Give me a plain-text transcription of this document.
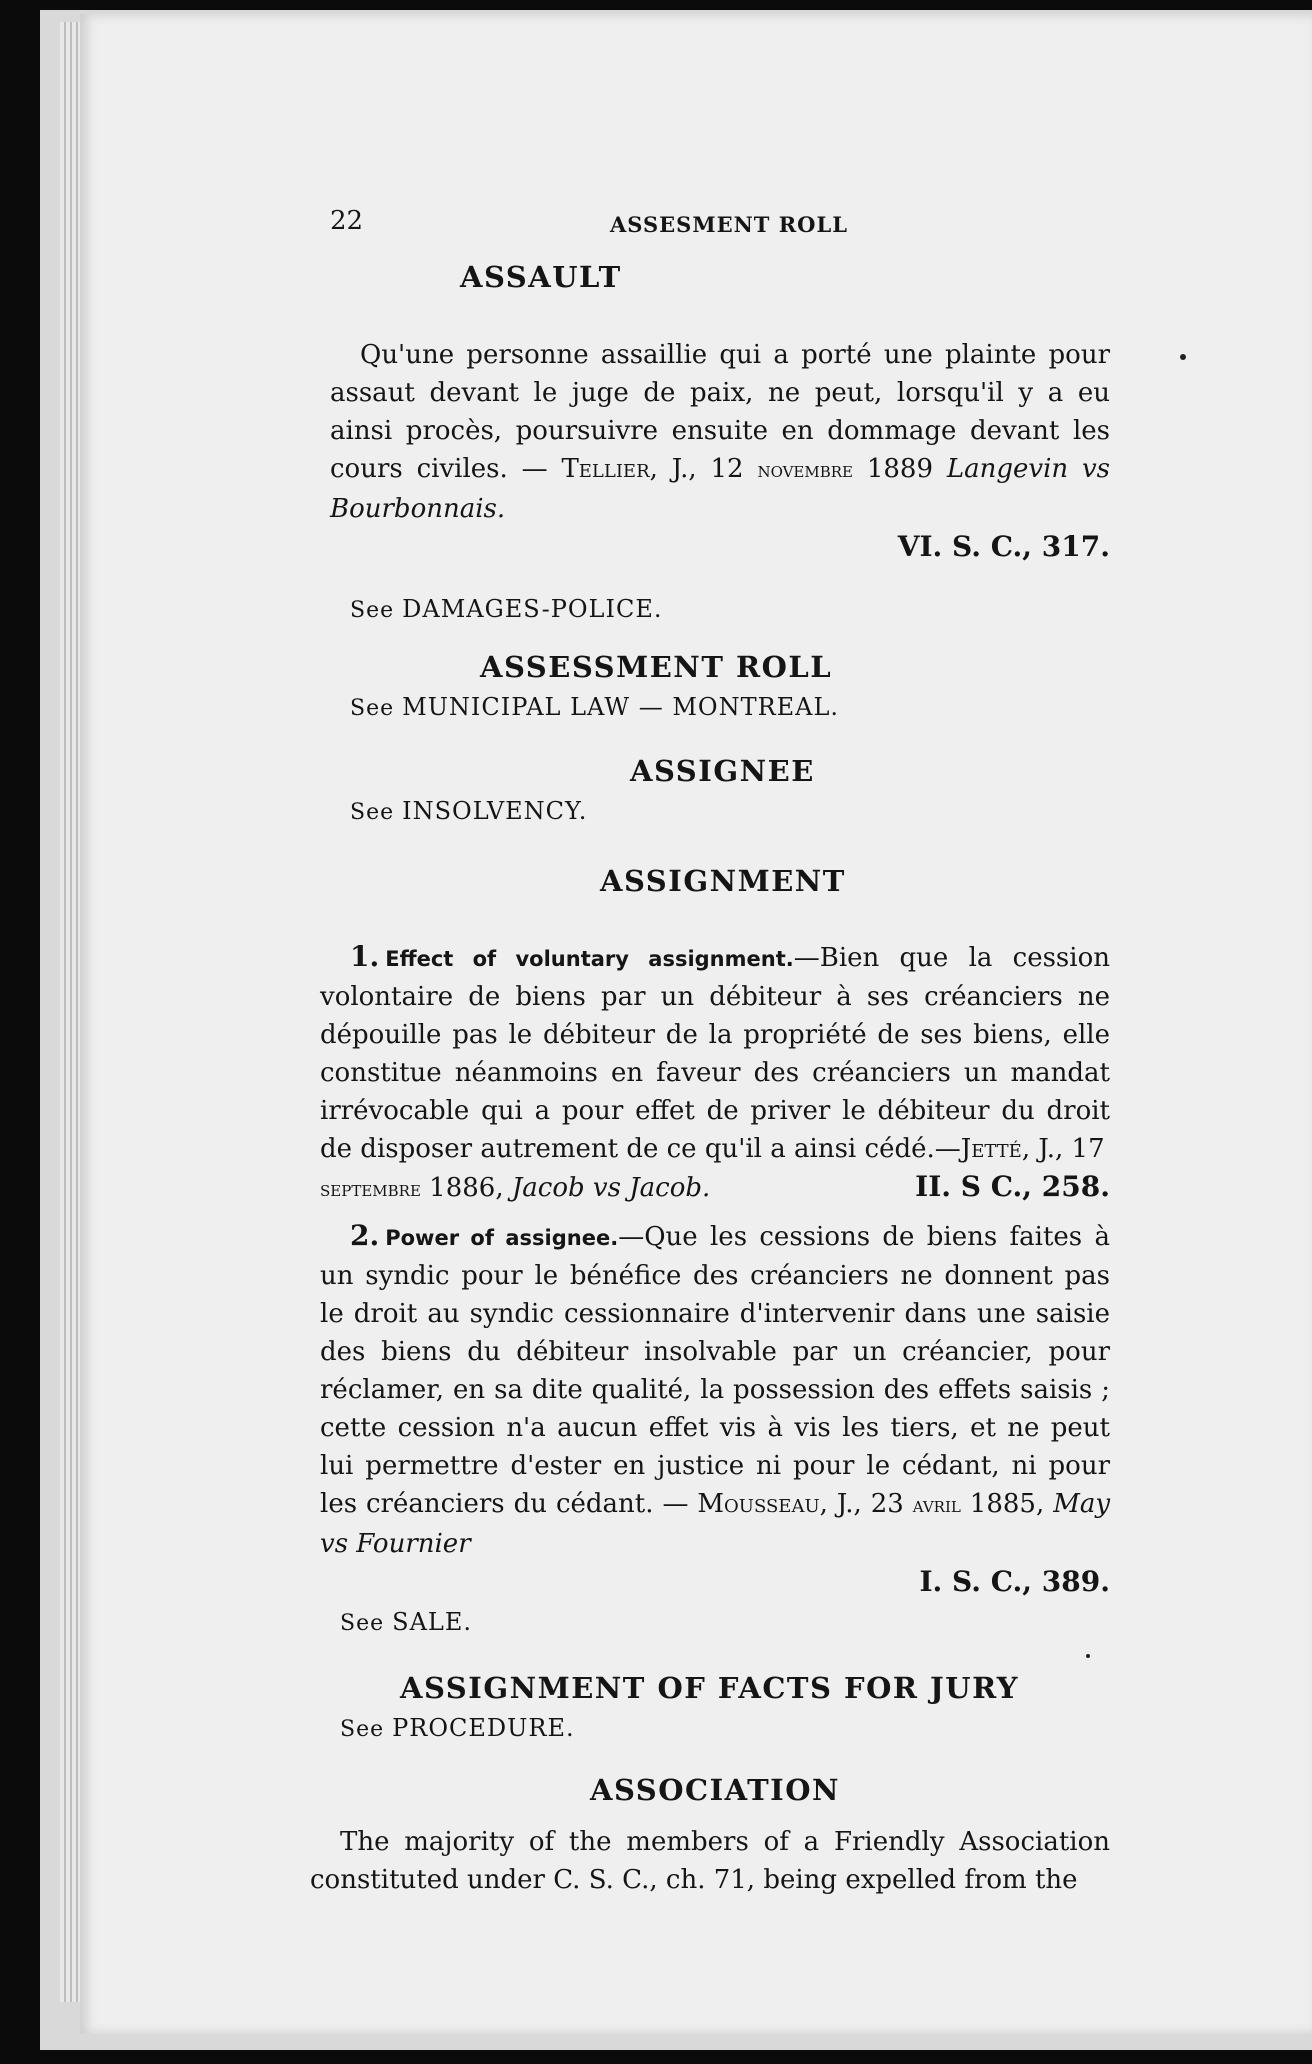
22	ASSESMENT ROLL
ASSAULT

Qu'une personne assaillie qui a porté une plainte pour assaut devant le juge de paix, ne peut, lorsqu'il y a eu ainsi procès, poursuivre ensuite en dommage devant les cours civiles. — Tellier, J., 12 novembre 1889 Langevin vs Bourbonnais.

VI. S. C., 317.

See DAMAGES-POLICE.

ASSESSMENT ROLL

See MUNICIPAL LAW — MONTREAL.

ASSIGNEE

See INSOLVENCY.

ASSIGNMENT

1. Effect of voluntary assignment.—Bien que la cession volontaire de biens par un débiteur à ses créanciers ne dépouille pas le débiteur de la propriété de ses biens, elle constitue néanmoins en faveur des créanciers un mandat irrévocable qui a pour effet de priver le débiteur du droit de disposer autrement de ce qu'il a ainsi cédé.—Jetté, J., 17

septembre 1886, Jacob vs Jacob.	II. S C., 258.

2. Power of assignee.—Que les cessions de biens faites à un syndic pour le bénéfice des créanciers ne donnent pas le droit au syndic cessionnaire d'intervenir dans une saisie des biens du débiteur insolvable par un créancier, pour réclamer, en sa dite qualité, la possession des effets saisis ; cette cession n'a aucun effet vis à vis les tiers, et ne peut lui permettre d'ester en justice ni pour le cédant, ni pour les créanciers du cédant. — Mousseau, J., 23 avril 1885, May vs Fournier

I. S. C., 389.

See SALE.

ASSIGNMENT OF FACTS FOR JURY

See PROCEDURE.

ASSOCIATION

The majority of the members of a Friendly Association constituted under C. S. C., ch. 71, being expelled from the
